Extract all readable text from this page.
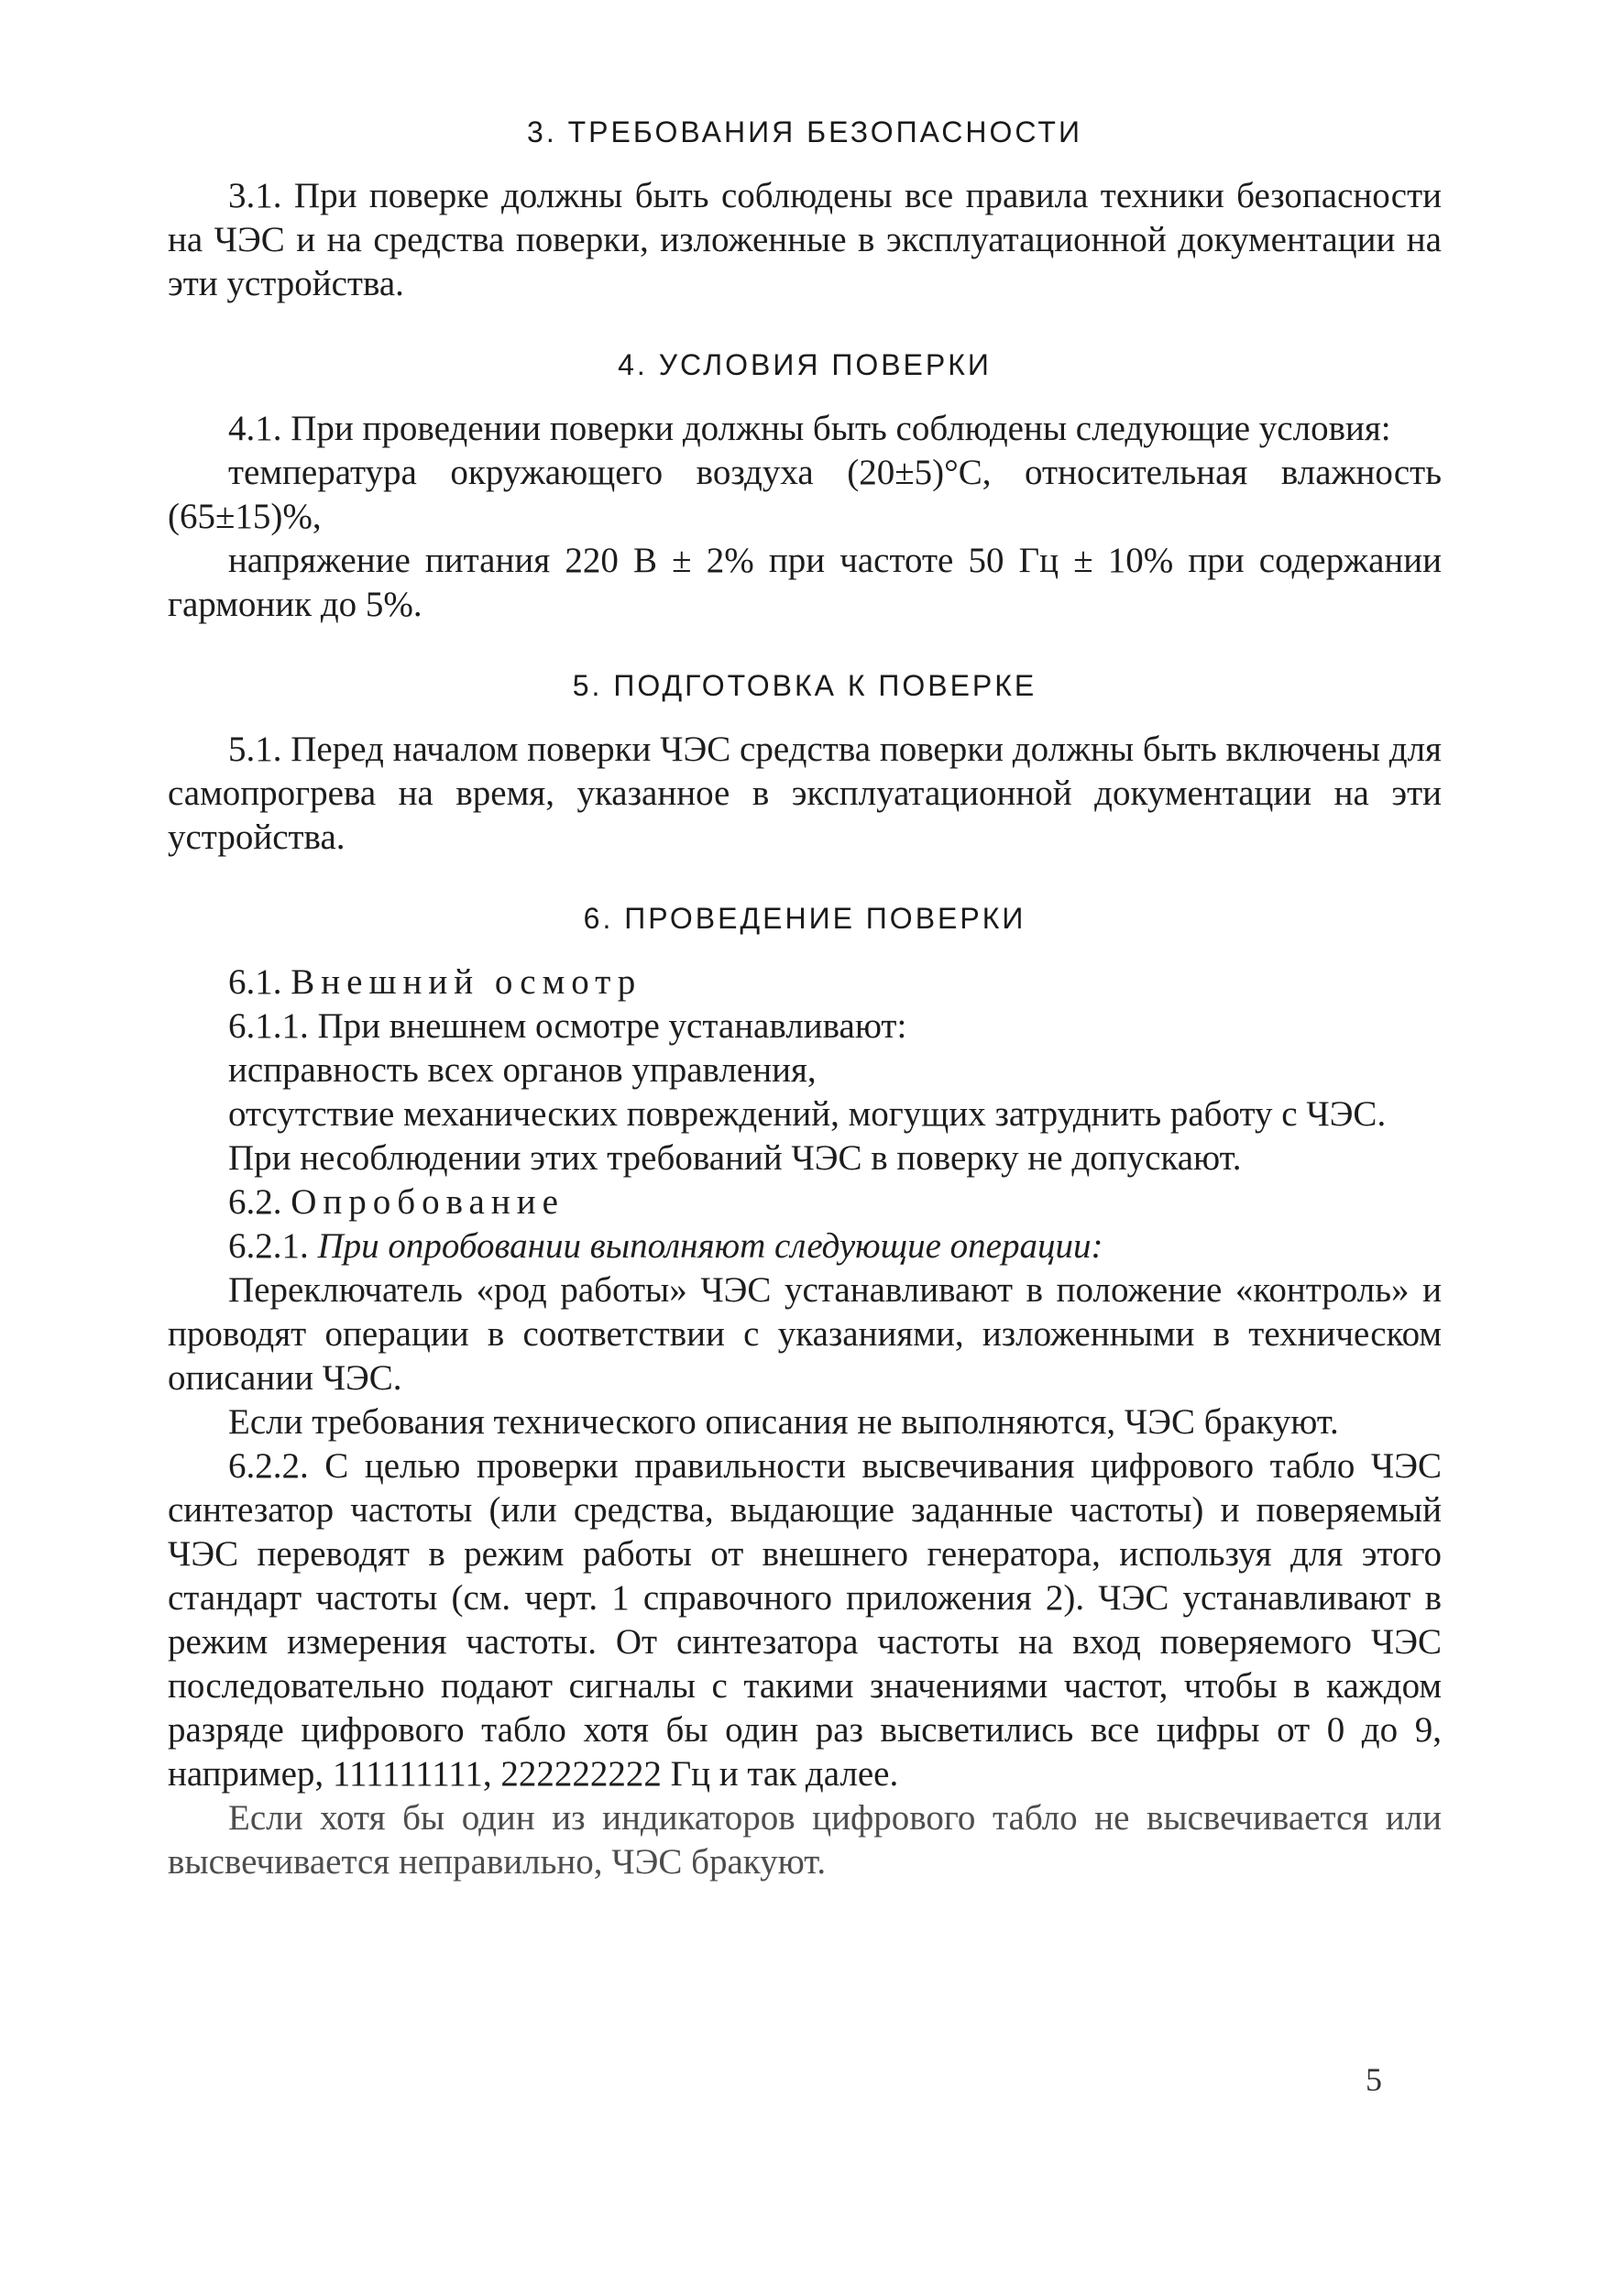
3. ТРЕБОВАНИЯ БЕЗОПАСНОСТИ

3.1. При поверке должны быть соблюдены все правила техники безопасности на ЧЭС и на средства поверки, изложенные в эксплуатационной документации на эти устройства.

4. УСЛОВИЯ ПОВЕРКИ

4.1. При проведении поверки должны быть соблюдены следующие условия:

температура окружающего воздуха (20±5)°С, относительная влажность (65±15)%,

напряжение питания 220 В ± 2% при частоте 50 Гц ± 10% при содержании гармоник до 5%.

5. ПОДГОТОВКА К ПОВЕРКЕ

5.1. Перед началом поверки ЧЭС средства поверки должны быть включены для самопрогрева на время, указанное в эксплуатационной документации на эти устройства.

6. ПРОВЕДЕНИЕ ПОВЕРКИ

6.1. Внешний осмотр

6.1.1. При внешнем осмотре устанавливают:

исправность всех органов управления,

отсутствие механических повреждений, могущих затруднить работу с ЧЭС.

При несоблюдении этих требований ЧЭС в поверку не допускают.

6.2. Опробование

6.2.1. При опробовании выполняют следующие операции:

Переключатель «род работы» ЧЭС устанавливают в положение «контроль» и проводят операции в соответствии с указаниями, изложенными в техническом описании ЧЭС.

Если требования технического описания не выполняются, ЧЭС бракуют.

6.2.2. С целью проверки правильности высвечивания цифрового табло ЧЭС синтезатор частоты (или средства, выдающие заданные частоты) и поверяемый ЧЭС переводят в режим работы от внешнего генератора, используя для этого стандарт частоты (см. черт. 1 справочного приложения 2). ЧЭС устанавливают в режим измерения частоты. От синтезатора частоты на вход поверяемого ЧЭС последовательно подают сигналы с такими значениями частот, чтобы в каждом разряде цифрового табло хотя бы один раз высветились все цифры от 0 до 9, например, 111111111, 222222222 Гц и так далее.

Если хотя бы один из индикаторов цифрового табло не высвечивается или высвечивается неправильно, ЧЭС бракуют.

5
